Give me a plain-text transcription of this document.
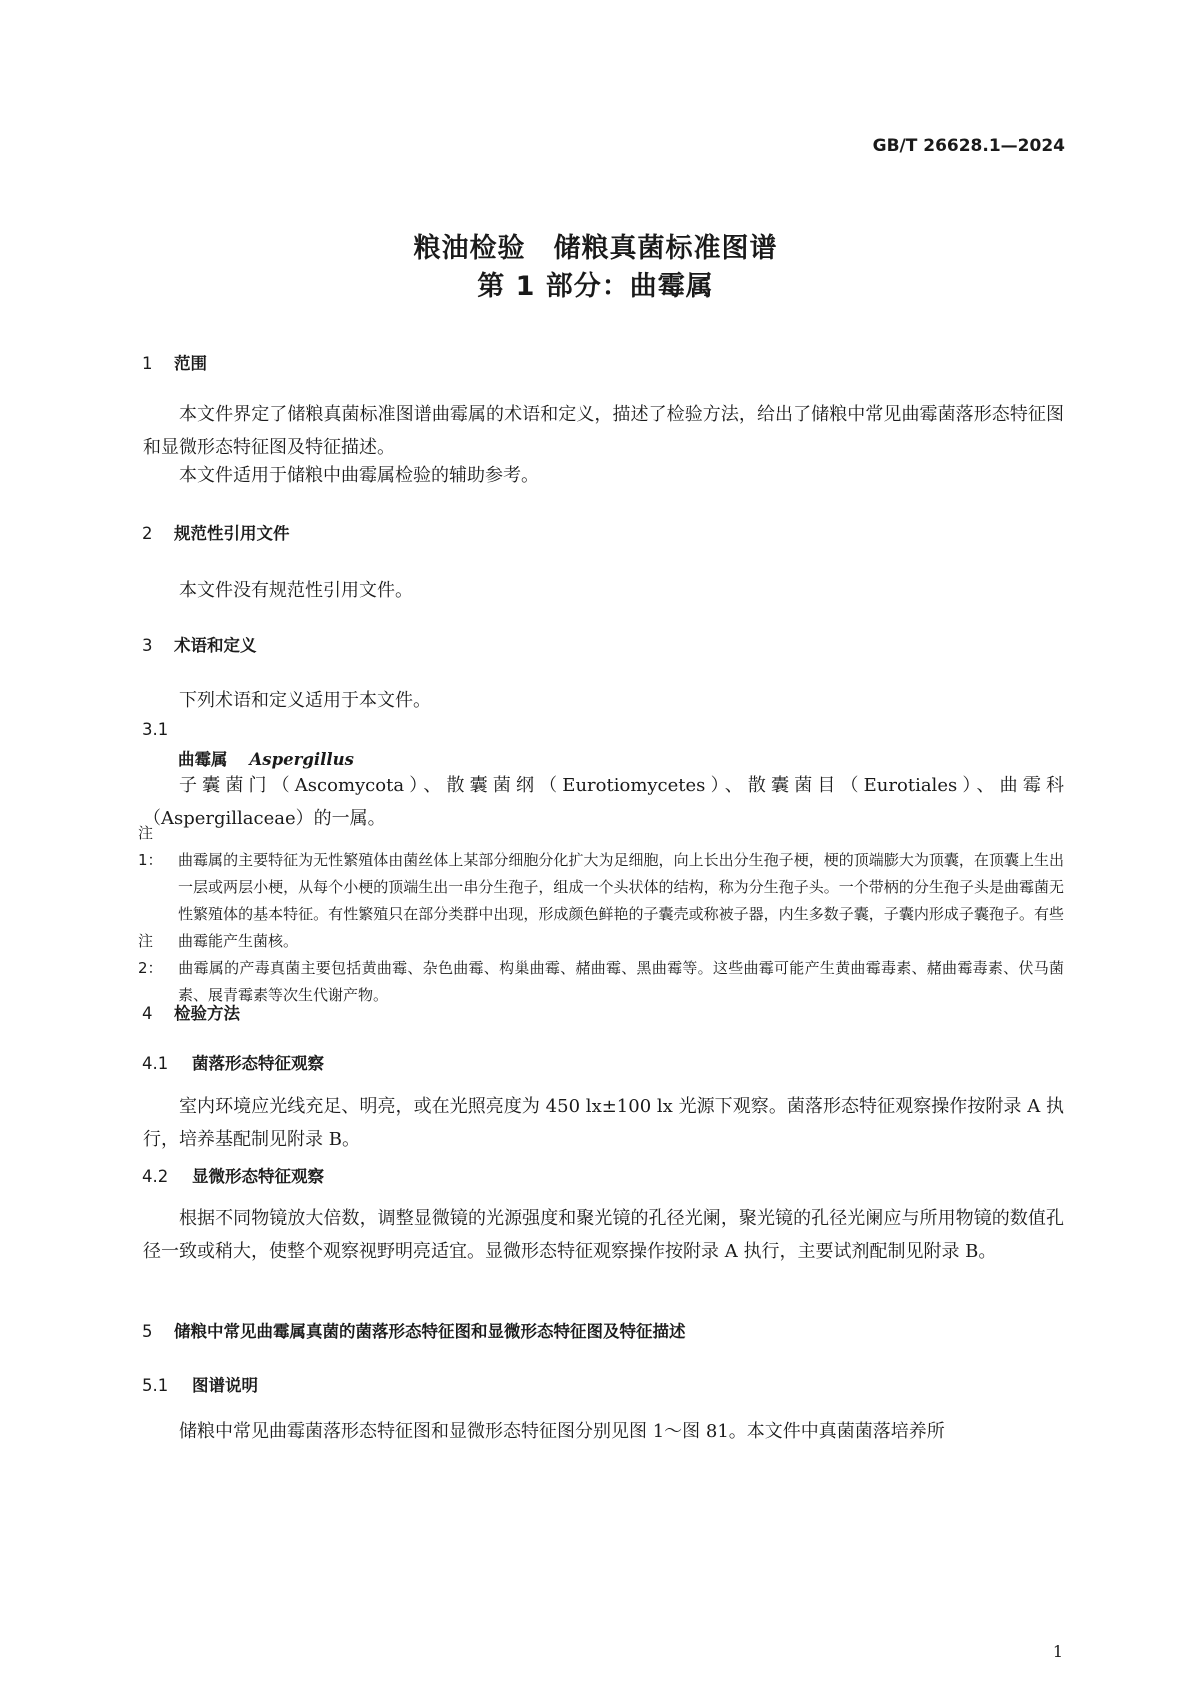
GB/T 26628.1—2024
粮油检验　储粮真菌标准图谱
第 1 部分：曲霉属
1 范围
本文件界定了储粮真菌标准图谱曲霉属的术语和定义，描述了检验方法，给出了储粮中常见曲霉菌落形态特征图和显微形态特征图及特征描述。
本文件适用于储粮中曲霉属检验的辅助参考。
2 规范性引用文件
本文件没有规范性引用文件。
3 术语和定义
下列术语和定义适用于本文件。
3.1
曲霉属 Aspergillus
子囊菌门（Ascomycota）、散囊菌纲（Eurotiomycetes）、散囊菌目（Eurotiales）、曲霉科（Aspergillaceae）的一属。
注 1： 曲霉属的主要特征为无性繁殖体由菌丝体上某部分细胞分化扩大为足细胞，向上长出分生孢子梗，梗的顶端膨大为顶囊，在顶囊上生出一层或两层小梗，从每个小梗的顶端生出一串分生孢子，组成一个头状体的结构，称为分生孢子头。一个带柄的分生孢子头是曲霉菌无性繁殖体的基本特征。有性繁殖只在部分类群中出现，形成颜色鲜艳的子囊壳或称被子器，内生多数子囊，子囊内形成子囊孢子。有些曲霉能产生菌核。
注 2： 曲霉属的产毒真菌主要包括黄曲霉、杂色曲霉、构巢曲霉、赭曲霉、黑曲霉等。这些曲霉可能产生黄曲霉毒素、赭曲霉毒素、伏马菌素、展青霉素等次生代谢产物。
4 检验方法
4.1 菌落形态特征观察
室内环境应光线充足、明亮，或在光照亮度为 450 lx±100 lx 光源下观察。菌落形态特征观察操作按附录 A 执行，培养基配制见附录 B。
4.2 显微形态特征观察
根据不同物镜放大倍数，调整显微镜的光源强度和聚光镜的孔径光阑，聚光镜的孔径光阑应与所用物镜的数值孔径一致或稍大，使整个观察视野明亮适宜。显微形态特征观察操作按附录 A 执行，主要试剂配制见附录 B。
5 储粮中常见曲霉属真菌的菌落形态特征图和显微形态特征图及特征描述
5.1 图谱说明
储粮中常见曲霉菌落形态特征图和显微形态特征图分别见图 1～图 81。本文件中真菌菌落培养所
1
